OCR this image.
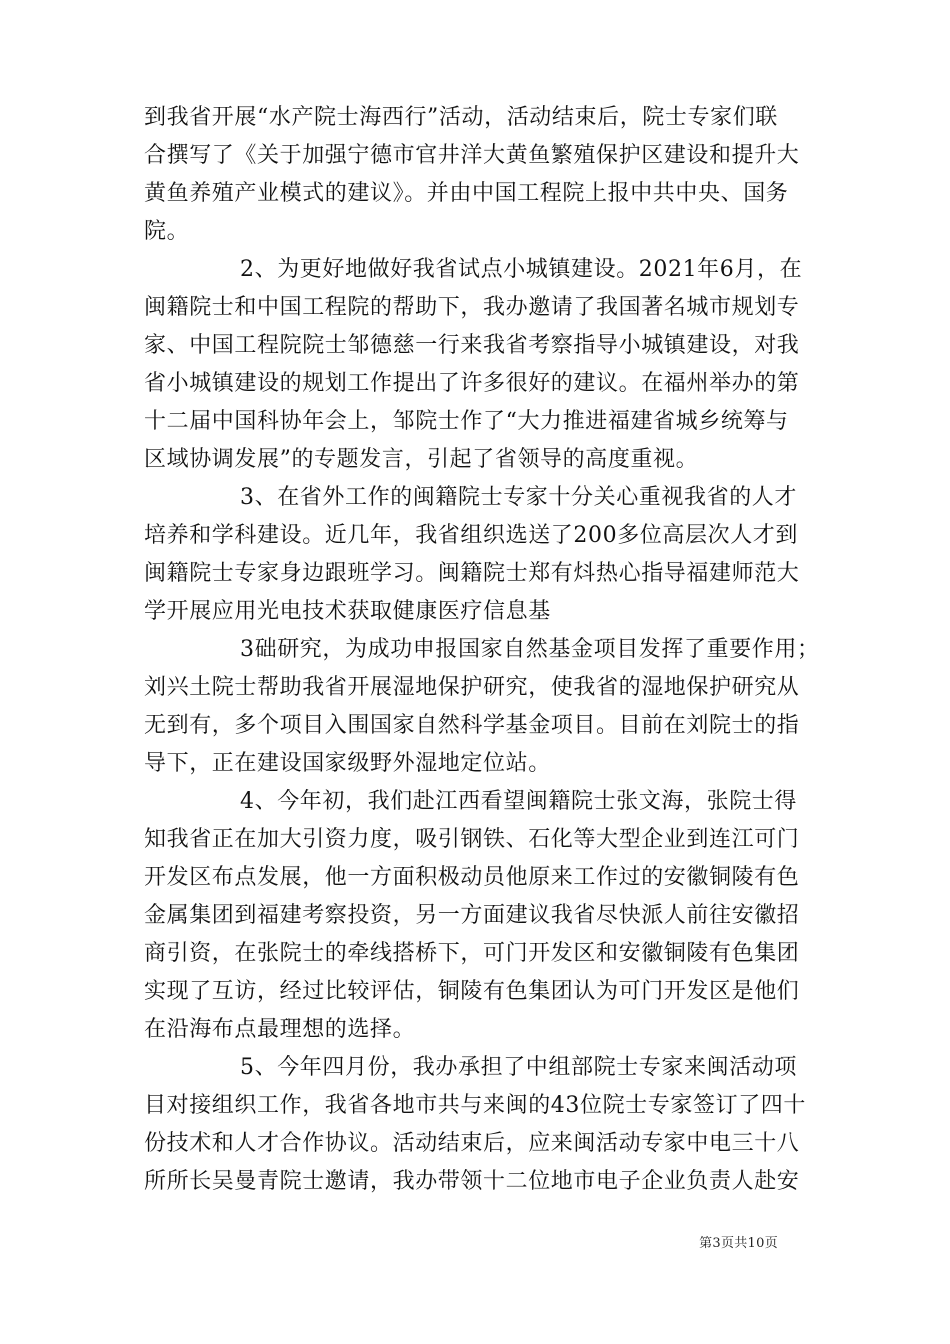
到我省开展“水产院士海西行”活动，活动结束后，院士专家们联
合撰写了《关于加强宁德市官井洋大黄鱼繁殖保护区建设和提升大
黄鱼养殖产业模式的建议》。并由中国工程院上报中共中央、国务
院。
2、为更好地做好我省试点小城镇建设。2021年6月，在
闽籍院士和中国工程院的帮助下，我办邀请了我国著名城市规划专
家、中国工程院院士邹德慈一行来我省考察指导小城镇建设，对我
省小城镇建设的规划工作提出了许多很好的建议。在福州举办的第
十二届中国科协年会上，邹院士作了“大力推进福建省城乡统筹与
区域协调发展”的专题发言，引起了省领导的高度重视。
3、在省外工作的闽籍院士专家十分关心重视我省的人才
培养和学科建设。近几年，我省组织选送了200多位高层次人才到
闽籍院士专家身边跟班学习。闽籍院士郑有炓热心指导福建师范大
学开展应用光电技术获取健康医疗信息基
3础研究，为成功申报国家自然基金项目发挥了重要作用；
刘兴土院士帮助我省开展湿地保护研究，使我省的湿地保护研究从
无到有，多个项目入围国家自然科学基金项目。目前在刘院士的指
导下，正在建设国家级野外湿地定位站。
4、今年初，我们赴江西看望闽籍院士张文海，张院士得
知我省正在加大引资力度，吸引钢铁、石化等大型企业到连江可门
开发区布点发展，他一方面积极动员他原来工作过的安徽铜陵有色
金属集团到福建考察投资，另一方面建议我省尽快派人前往安徽招
商引资，在张院士的牵线搭桥下，可门开发区和安徽铜陵有色集团
实现了互访，经过比较评估，铜陵有色集团认为可门开发区是他们
在沿海布点最理想的选择。
5、今年四月份，我办承担了中组部院士专家来闽活动项
目对接组织工作，我省各地市共与来闽的43位院士专家签订了四十
份技术和人才合作协议。活动结束后，应来闽活动专家中电三十八
所所长吴曼青院士邀请，我办带领十二位地市电子企业负责人赴安
第3页共10页
